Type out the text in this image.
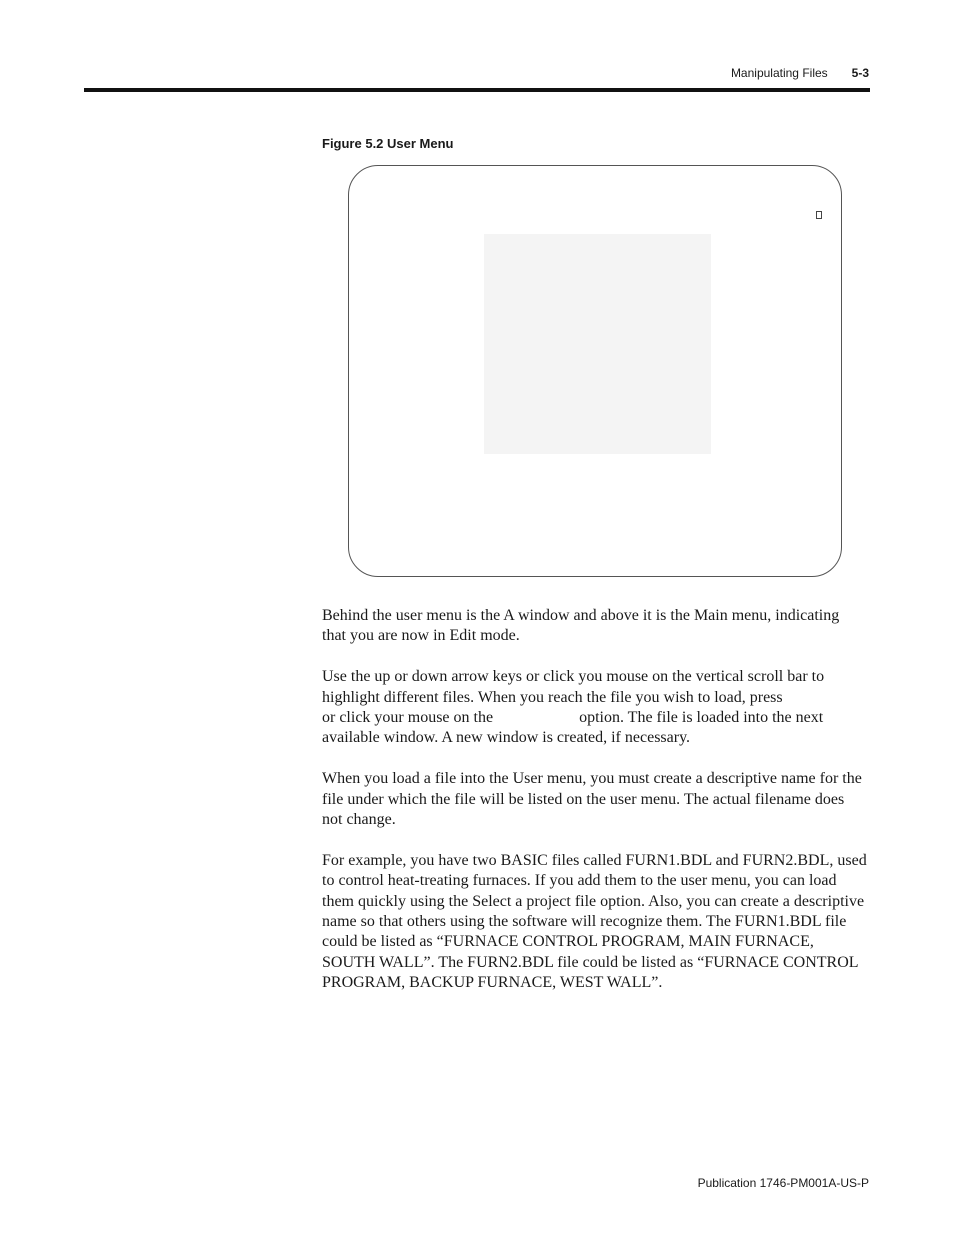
Manipulating Files 5-3
Figure 5.2 User Menu

Behind the user menu is the A window and above it is the Main menu, indicating that you are now in Edit mode.

Use the up or down arrow keys or click you mouse on the vertical scroll bar to highlight different files. When you reach the file you wish to load, press
or click your mouse on the	option. The file is loaded into the next available window. A new window is created, if necessary.

When you load a file into the User menu, you must create a descriptive name for the file under which the file will be listed on the user menu. The actual filename does not change.

For example, you have two BASIC files called FURN1.BDL and FURN2.BDL, used to control heat-treating furnaces. If you add them to the user menu, you can load them quickly using the Select a project file option. Also, you can create a descriptive name so that others using the software will recognize them. The FURN1.BDL file could be listed as “FURNACE CONTROL PROGRAM, MAIN FURNACE, SOUTH WALL”. The FURN2.BDL file could be listed as “FURNACE CONTROL PROGRAM, BACKUP FURNACE, WEST WALL”.

Publication 1746-PM001A-US-P
